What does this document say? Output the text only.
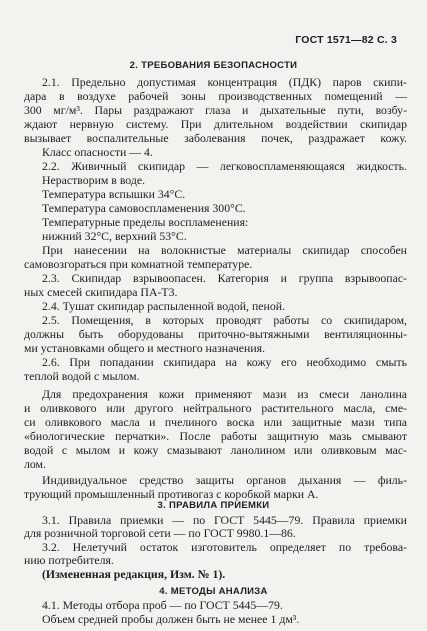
ГОСТ 1571—82 С. 3
2. ТРЕБОВАНИЯ БЕЗОПАСНОСТИ
2.1. Предельно допустимая концентрация (ПДК) паров скипи-
дара в воздухе рабочей зоны производственных помещений —
300 мг/м³. Пары раздражают глаза и дыхательные пути, возбу-
ждают нервную систему. При длительном воздействии скипидар
вызывает воспалительные заболевания почек, раздражает кожу.
Класс опасности — 4.
2.2. Живичный скипидар — легковоспламеняющаяся жидкость.
Нерастворим в воде.
Температура вспышки 34°С.
Температура самовоспламенения 300°С.
Температурные пределы воспламенения:
нижний 32°С, верхний 53°С.
При нанесении на волокнистые материалы скипидар способен
самовозгораться при комнатной температуре.
2.3. Скипидар взрывоопасен. Категория и группа взрывоопас-
ных смесей скипидара ПА-Т3.
2.4. Тушат скипидар распыленной водой, пеной.
2.5. Помещения, в которых проводят работы со скипидаром,
должны быть оборудованы приточно-вытяжными вентиляционны-
ми установками общего и местного назначения.
2.6. При попадании скипидара на кожу его необходимо смыть
теплой водой с мылом.
Для предохранения кожи применяют мази из смеси ланолина
и оливкового или другого нейтрального растительного масла, сме-
си оливкового масла и пчелиного воска или защитные мази типа
«биологические перчатки». После работы защитную мазь смывают
водой с мылом и кожу смазывают ланолином или оливковым мас-
лом.
Индивидуальное средство защиты органов дыхания — филь-
трующий промышленный противогаз с коробкой марки А.
3. ПРАВИЛА ПРИЕМКИ
3.1. Правила приемки — по ГОСТ 5445—79. Правила приемки
для розничной торговой сети — по ГОСТ 9980.1—86.
3.2. Нелетучий остаток изготовитель определяет по требова-
нию потребителя.
(Измененная редакция, Изм. № 1).
4. МЕТОДЫ АНАЛИЗА
4.1. Методы отбора проб — по ГОСТ 5445—79.
Объем средней пробы должен быть не менее 1 дм³.
